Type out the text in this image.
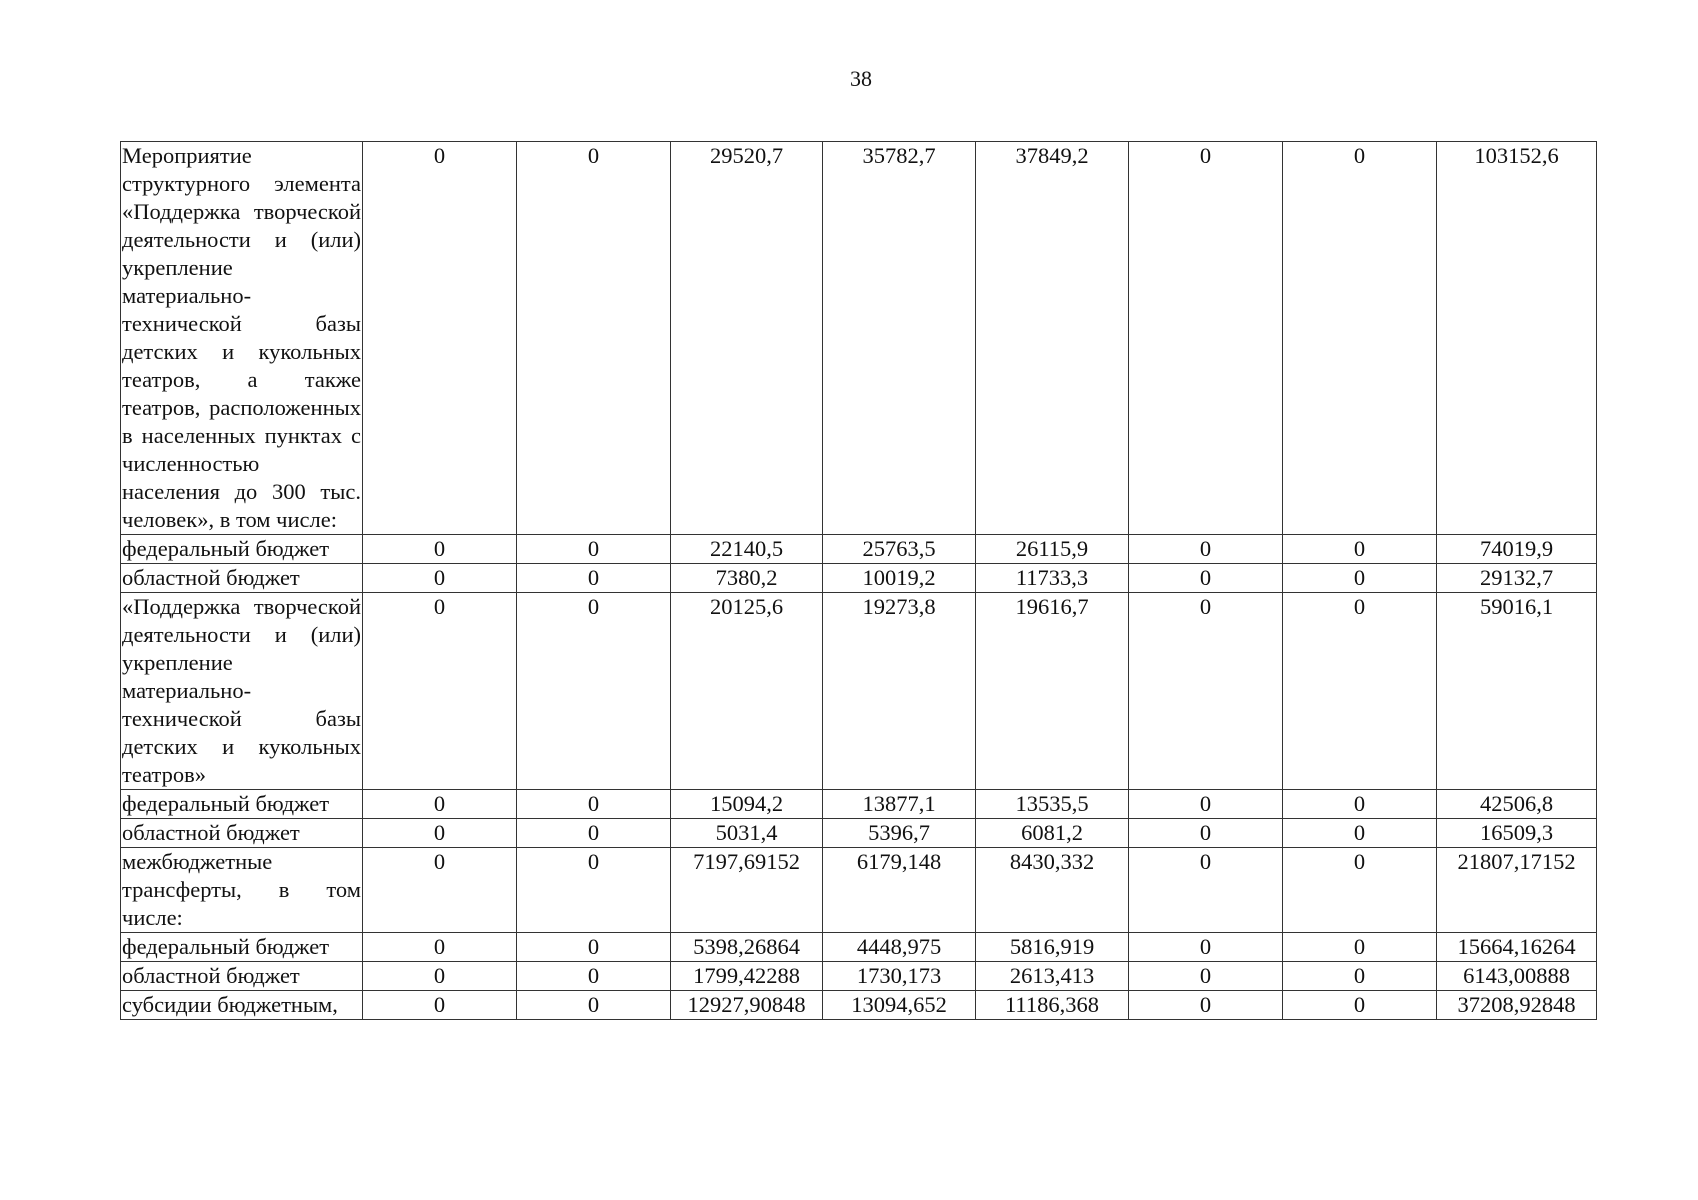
38
Мероприятие структурного элемента «Поддержка творческой деятельности и (или) укрепление материально-технической базы детских и кукольных театров, а также театров, расположенных в населенных пунктах с численностью населения до 300 тыс. человек», в том числе:	0	0	29520,7	35782,7	37849,2	0	0	103152,6
федеральный бюджет	0	0	22140,5	25763,5	26115,9	0	0	74019,9
областной бюджет	0	0	7380,2	10019,2	11733,3	0	0	29132,7
«Поддержка творческой деятельности и (или) укрепление материально-технической базы детских и кукольных театров»	0	0	20125,6	19273,8	19616,7	0	0	59016,1
федеральный бюджет	0	0	15094,2	13877,1	13535,5	0	0	42506,8
областной бюджет	0	0	5031,4	5396,7	6081,2	0	0	16509,3
межбюджетные трансферты, в том числе:	0	0	7197,69152	6179,148	8430,332	0	0	21807,17152
федеральный бюджет	0	0	5398,26864	4448,975	5816,919	0	0	15664,16264
областной бюджет	0	0	1799,42288	1730,173	2613,413	0	0	6143,00888
субсидии бюджетным,	0	0	12927,90848	13094,652	11186,368	0	0	37208,92848
